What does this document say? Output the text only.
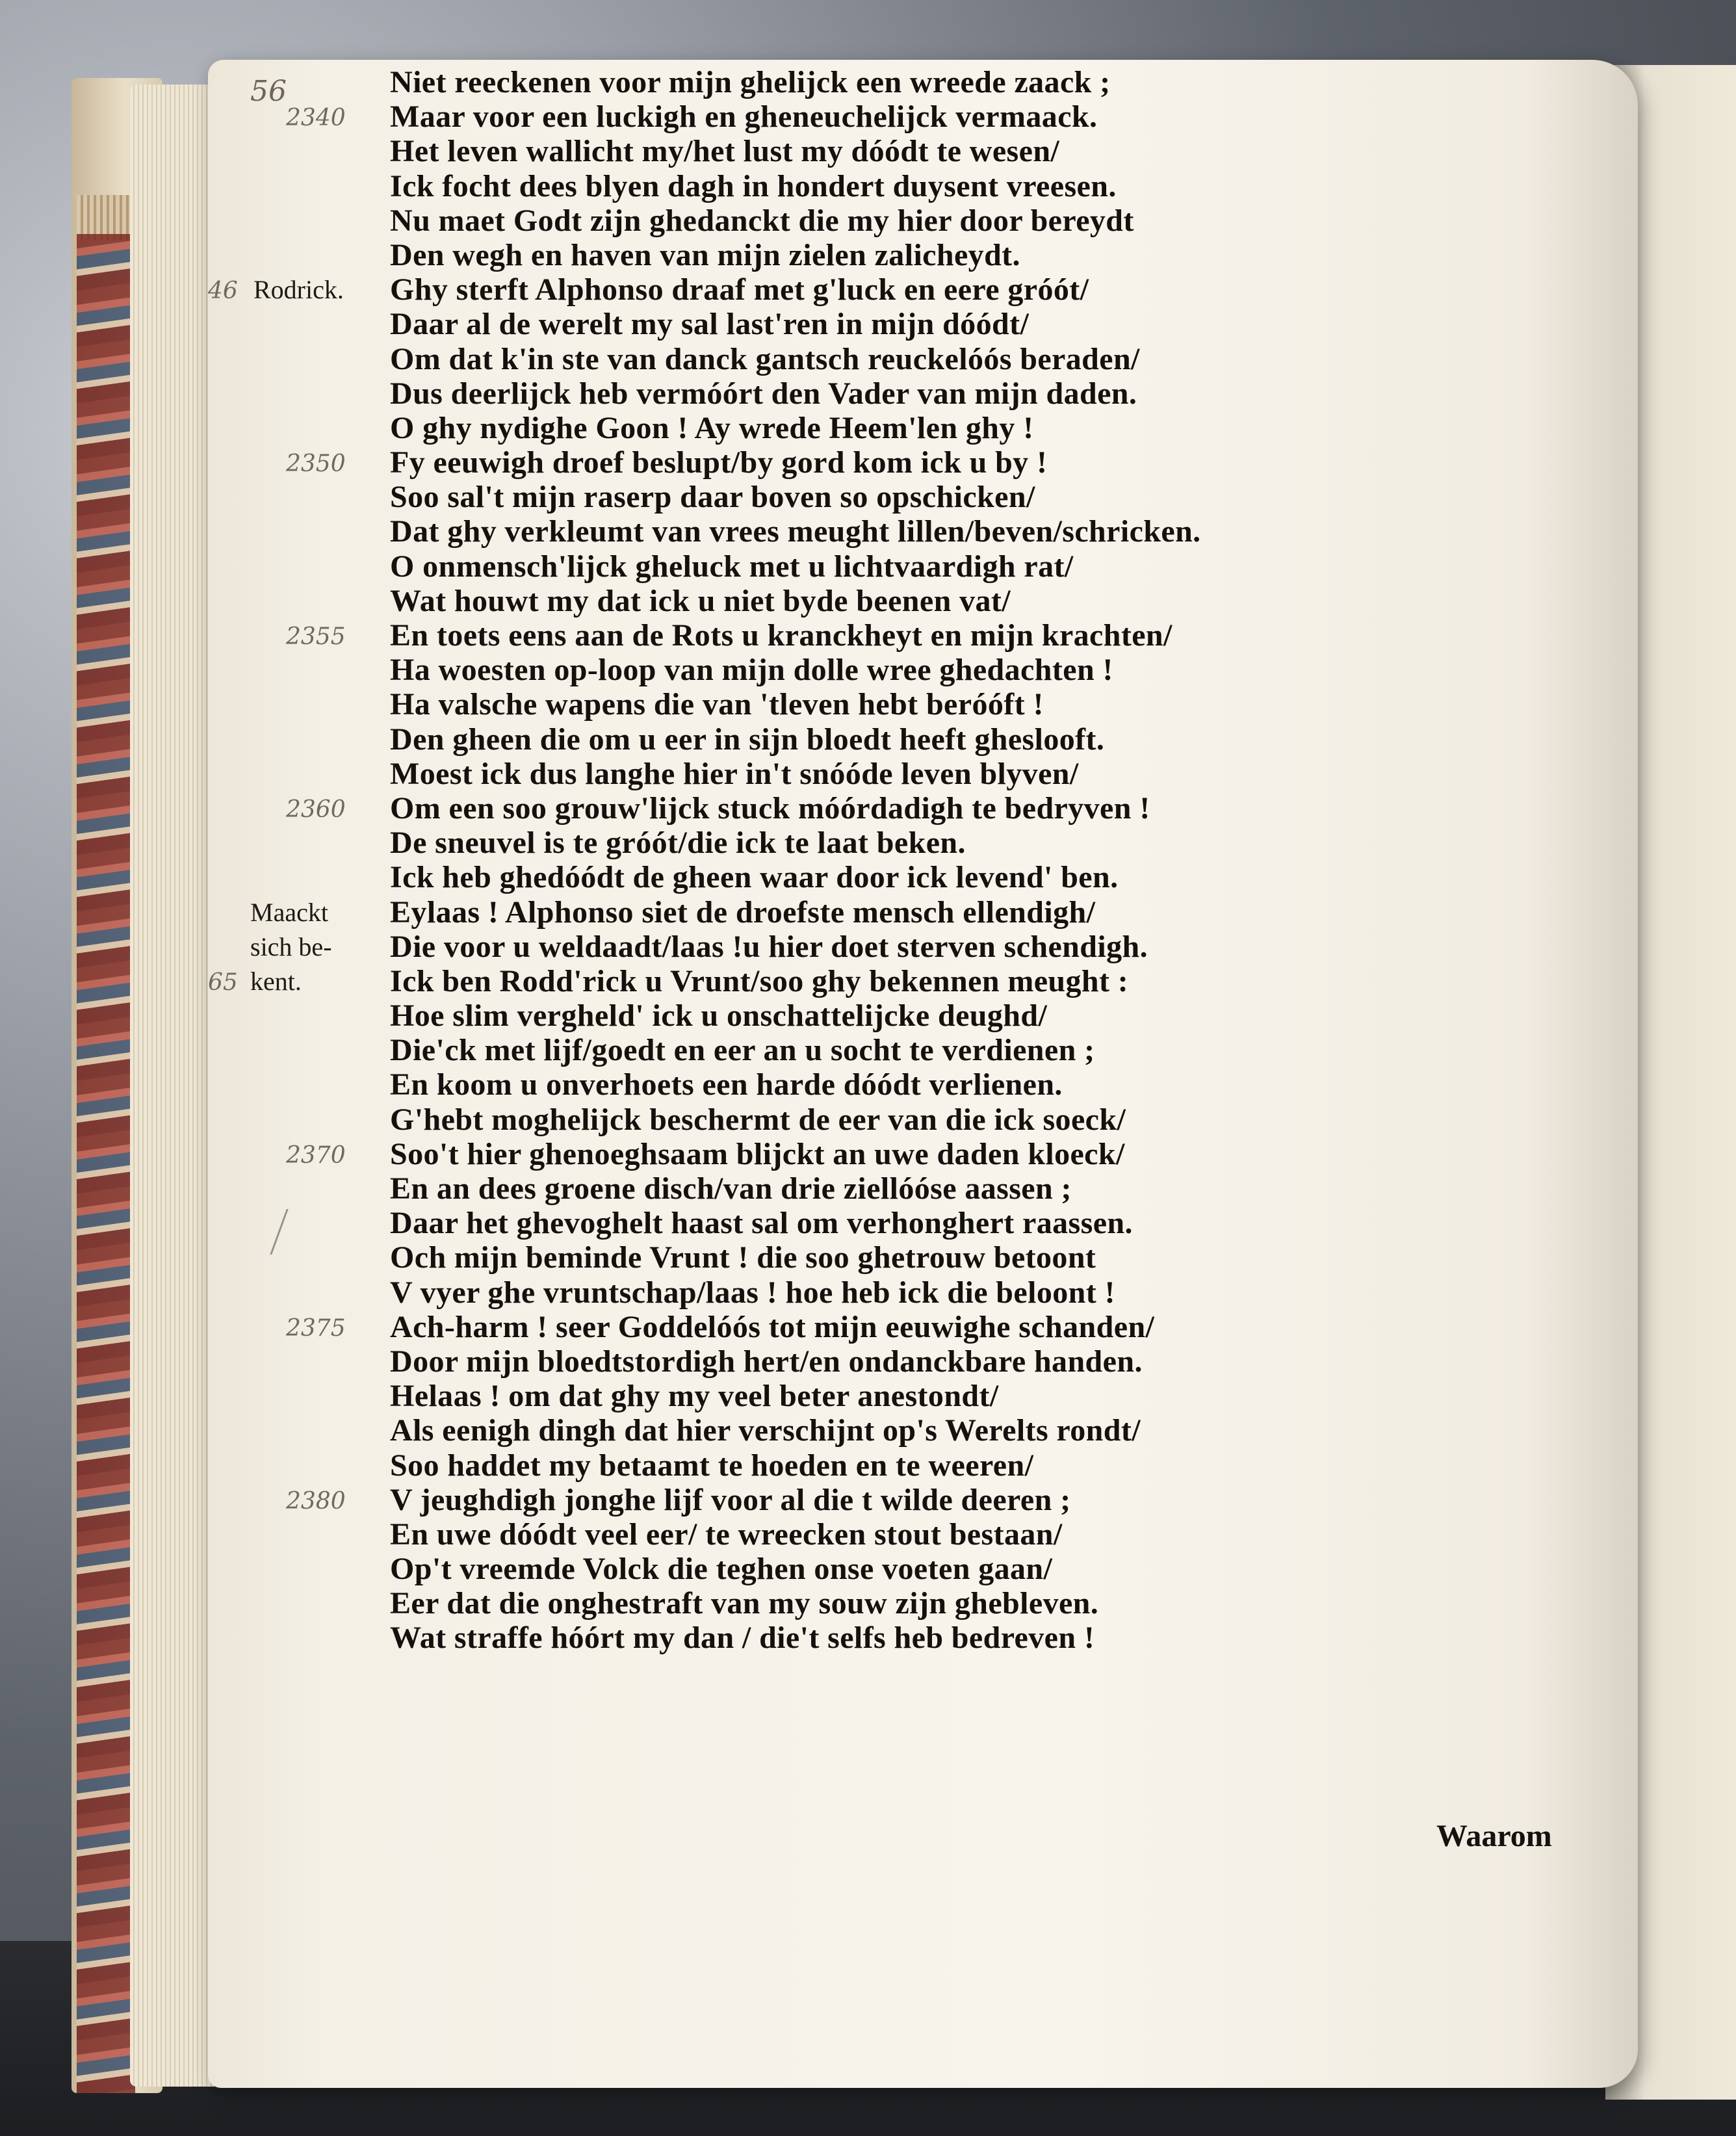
56	Niet reeckenen voor mijn ghelijck een wreede zaack ;
Maar voor een luckigh en gheneuchelijck vermaack.
Het leven wallicht my/het lust my dóódt te wesen/
Ick focht dees blyen dagh in hondert duysent vreesen.
Nu maet Godt zijn ghedanckt die my hier door bereydt
Den wegh en haven van mijn zielen zalicheydt.
Ghy sterft Alphonso draaf met g'luck en eere gróót/
Daar al de werelt my sal last'ren in mijn dóódt/
Om dat k'in ste van danck gantsch reuckelóós beraden/
Dus deerlijck heb vermóórt den Vader van mijn daden.
O ghy nydighe Goon ! Ay wrede Heem'len ghy !
Fy eeuwigh droef beslupt/by gord kom ick u by !
Soo sal't mijn raserp daar boven so opschicken/
Dat ghy verkleumt van vrees meught lillen/beven/schricken.
O onmensch'lijck gheluck met u lichtvaardigh rat/
Wat houwt my dat ick u niet byde beenen vat/
En toets eens aan de Rots u kranckheyt en mijn krachten/
Ha woesten op-loop van mijn dolle wree ghedachten !
Ha valsche wapens die van 'tleven hebt beróóft !
Den gheen die om u eer in sijn bloedt heeft gheslooft.
Moest ick dus langhe hier in't snóóde leven blyven/
Om een soo grouw'lijck stuck móórdadigh te bedryven !
De sneuvel is te gróót/die ick te laat beken.
Ick heb ghedóódt de gheen waar door ick levend' ben.
Eylaas ! Alphonso siet de droefste mensch ellendigh/
Die voor u weldaadt/laas !u hier doet sterven schendigh.
Ick ben Rodd'rick u Vrunt/soo ghy bekennen meught :
Hoe slim vergheld' ick u onschattelijcke deughd/
Die'ck met lijf/goedt en eer an u socht te verdienen ;
En koom u onverhoets een harde dóódt verlienen.
G'hebt moghelijck beschermt de eer van die ick soeck/
Soo't hier ghenoeghsaam blijckt an uwe daden kloeck/
En an dees groene disch/van drie ziellóóse aassen ;
Daar het ghevoghelt haast sal om verhonghert raassen.
Och mijn beminde Vrunt ! die soo ghetrouw betoont
V vyer ghe vruntschap/laas ! hoe heb ick die beloont !
Ach-harm ! seer Goddelóós tot mijn eeuwighe schanden/
Door mijn bloedtstordigh hert/en ondanckbare handen.
Helaas ! om dat ghy my veel beter anestondt/
Als eenigh dingh dat hier verschijnt op's Werelts rondt/
Soo haddet my betaamt te hoeden en te weeren/
V jeughdigh jonghe lijf voor al die t wilde deeren ;
En uwe dóódt veel eer/ te wreecken stout bestaan/
Op't vreemde Volck die teghen onse voeten gaan/
Eer dat die onghestraft van my souw zijn ghebleven.
Wat straffe hóórt my dan / die't selfs heb bedreven !
2340
46
2350
2355
2360
65
2370
2375
2380
Rodrick.
Maackt
sich be-
kent.
Waarom
